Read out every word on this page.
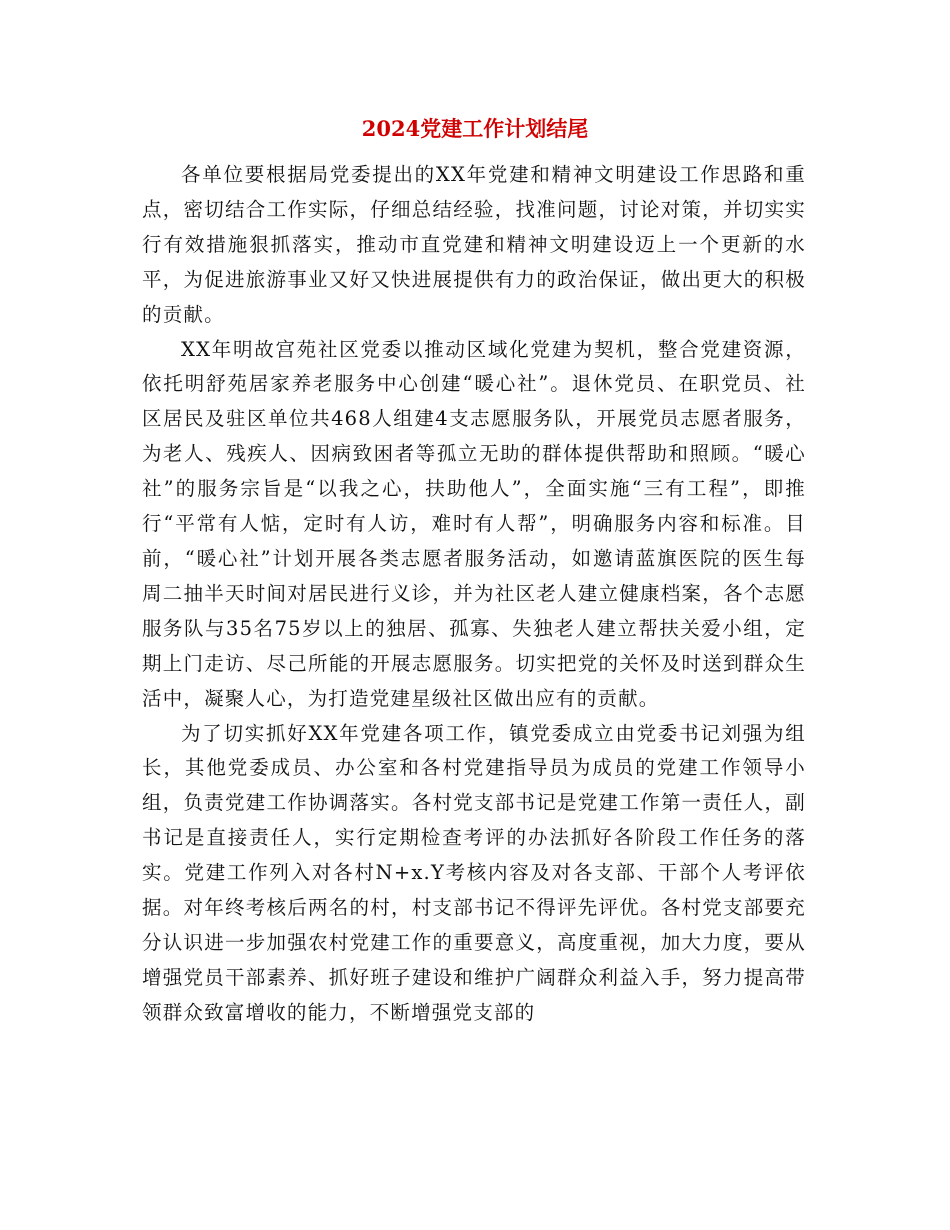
2024党建工作计划结尾

各单位要根据局党委提出的XX年党建和精神文明建设工作思路和重点，密切结合工作实际，仔细总结经验，找准问题，讨论对策，并切实实行有效措施狠抓落实，推动市直党建和精神文明建设迈上一个更新的水平，为促进旅游事业又好又快进展提供有力的政治保证，做出更大的积极的贡献。

XX年明故宫苑社区党委以推动区域化党建为契机，整合党建资源，依托明舒苑居家养老服务中心创建“暖心社”。退休党员、在职党员、社区居民及驻区单位共468人组建4支志愿服务队，开展党员志愿者服务，为老人、残疾人、因病致困者等孤立无助的群体提供帮助和照顾。“暖心社”的服务宗旨是“以我之心，扶助他人”，全面实施“三有工程”，即推行“平常有人惦，定时有人访，难时有人帮”，明确服务内容和标准。目前，“暖心社”计划开展各类志愿者服务活动，如邀请蓝旗医院的医生每周二抽半天时间对居民进行义诊，并为社区老人建立健康档案，各个志愿服务队与35名75岁以上的独居、孤寡、失独老人建立帮扶关爱小组，定期上门走访、尽己所能的开展志愿服务。切实把党的关怀及时送到群众生活中，凝聚人心，为打造党建星级社区做出应有的贡献。

为了切实抓好XX年党建各项工作，镇党委成立由党委书记刘强为组长，其他党委成员、办公室和各村党建指导员为成员的党建工作领导小组，负责党建工作协调落实。各村党支部书记是党建工作第一责任人，副书记是直接责任人，实行定期检查考评的办法抓好各阶段工作任务的落实。党建工作列入对各村N+x.Y考核内容及对各支部、干部个人考评依据。对年终考核后两名的村，村支部书记不得评先评优。各村党支部要充分认识进一步加强农村党建工作的重要意义，高度重视，加大力度，要从增强党员干部素养、抓好班子建设和维护广阔群众利益入手，努力提高带领群众致富增收的能力，不断增强党支部的
